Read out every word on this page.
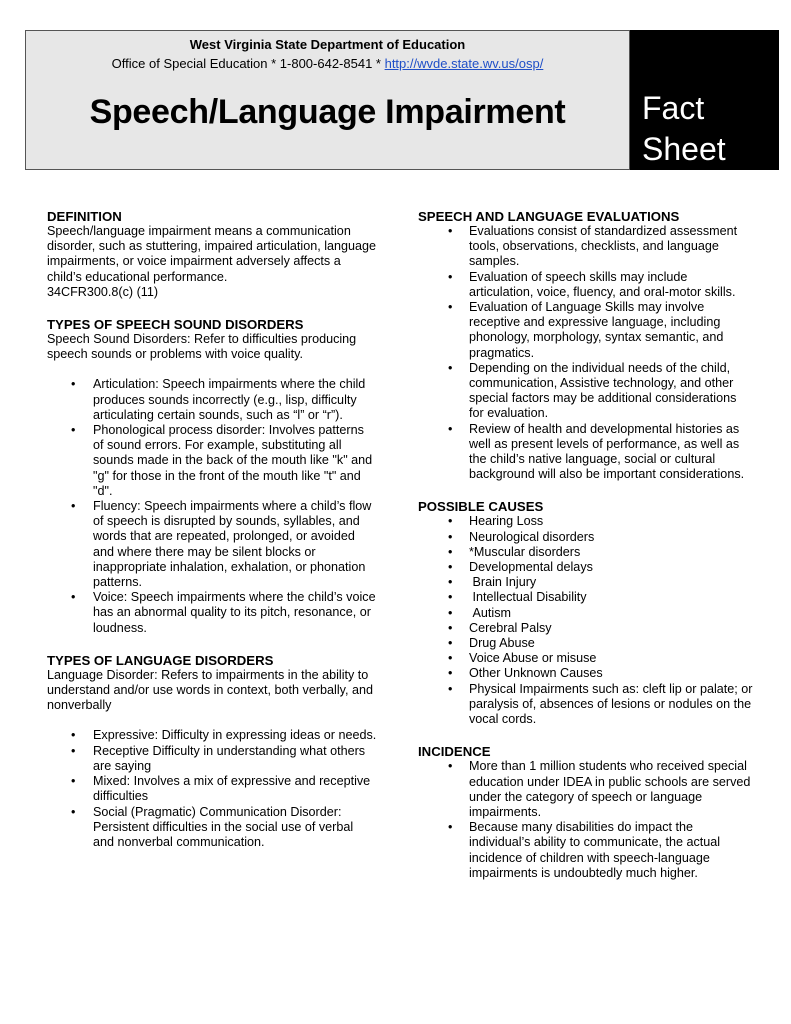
West Virginia State Department of Education
Office of Special Education * 1-800-642-8541 * http://wvde.state.wv.us/osp/
Speech/Language Impairment	Fact
Sheet
DEFINITION

Speech/language impairment means a communication disorder, such as stuttering, impaired articulation, language impairments, or voice impairment adversely affects a child’s educational performance.

34CFR300.8(c) (11)

TYPES OF SPEECH SOUND DISORDERS

Speech Sound Disorders: Refer to difficulties producing speech sounds or problems with voice quality.

• Articulation: Speech impairments where the child produces sounds incorrectly (e.g., lisp, difficulty articulating certain sounds, such as “l” or “r”).
• Phonological process disorder: Involves patterns of sound errors. For example, substituting all sounds made in the back of the mouth like "k" and "g" for those in the front of the mouth like "t" and "d".
• Fluency: Speech impairments where a child’s flow of speech is disrupted by sounds, syllables, and words that are repeated, prolonged, or avoided and where there may be silent blocks or inappropriate inhalation, exhalation, or phonation patterns.
• Voice: Speech impairments where the child’s voice has an abnormal quality to its pitch, resonance, or loudness.
TYPES OF LANGUAGE DISORDERS

Language Disorder: Refers to impairments in the ability to understand and/or use words in context, both verbally, and nonverbally

• Expressive: Difficulty in expressing ideas or needs.
• Receptive Difficulty in understanding what others are saying
• Mixed: Involves a mix of expressive and receptive difficulties
• Social (Pragmatic) Communication Disorder: Persistent difficulties in the social use of verbal and nonverbal communication.
SPEECH AND LANGUAGE EVALUATIONS
• Evaluations consist of standardized assessment tools, observations, checklists, and language samples.
• Evaluation of speech skills may include articulation, voice, fluency, and oral-motor skills.
• Evaluation of Language Skills may involve receptive and expressive language, including phonology, morphology, syntax semantic, and pragmatics.
• Depending on the individual needs of the child, communication, Assistive technology, and other special factors may be additional considerations for evaluation.
• Review of health and developmental histories as well as present levels of performance, as well as the child’s native language, social or cultural background will also be important considerations.
POSSIBLE CAUSES
• Hearing Loss
• Neurological disorders
• *Muscular disorders
• Developmental delays
•  Brain Injury
•  Intellectual Disability
•  Autism
• Cerebral Palsy
• Drug Abuse
• Voice Abuse or misuse
• Other Unknown Causes
• Physical Impairments such as: cleft lip or palate; or paralysis of, absences of lesions or nodules on the vocal cords.
INCIDENCE
• More than 1 million students who received special education under IDEA in public schools are served under the category of speech or language impairments.
• Because many disabilities do impact the individual’s ability to communicate, the actual incidence of children with speech-language impairments is undoubtedly much higher.
